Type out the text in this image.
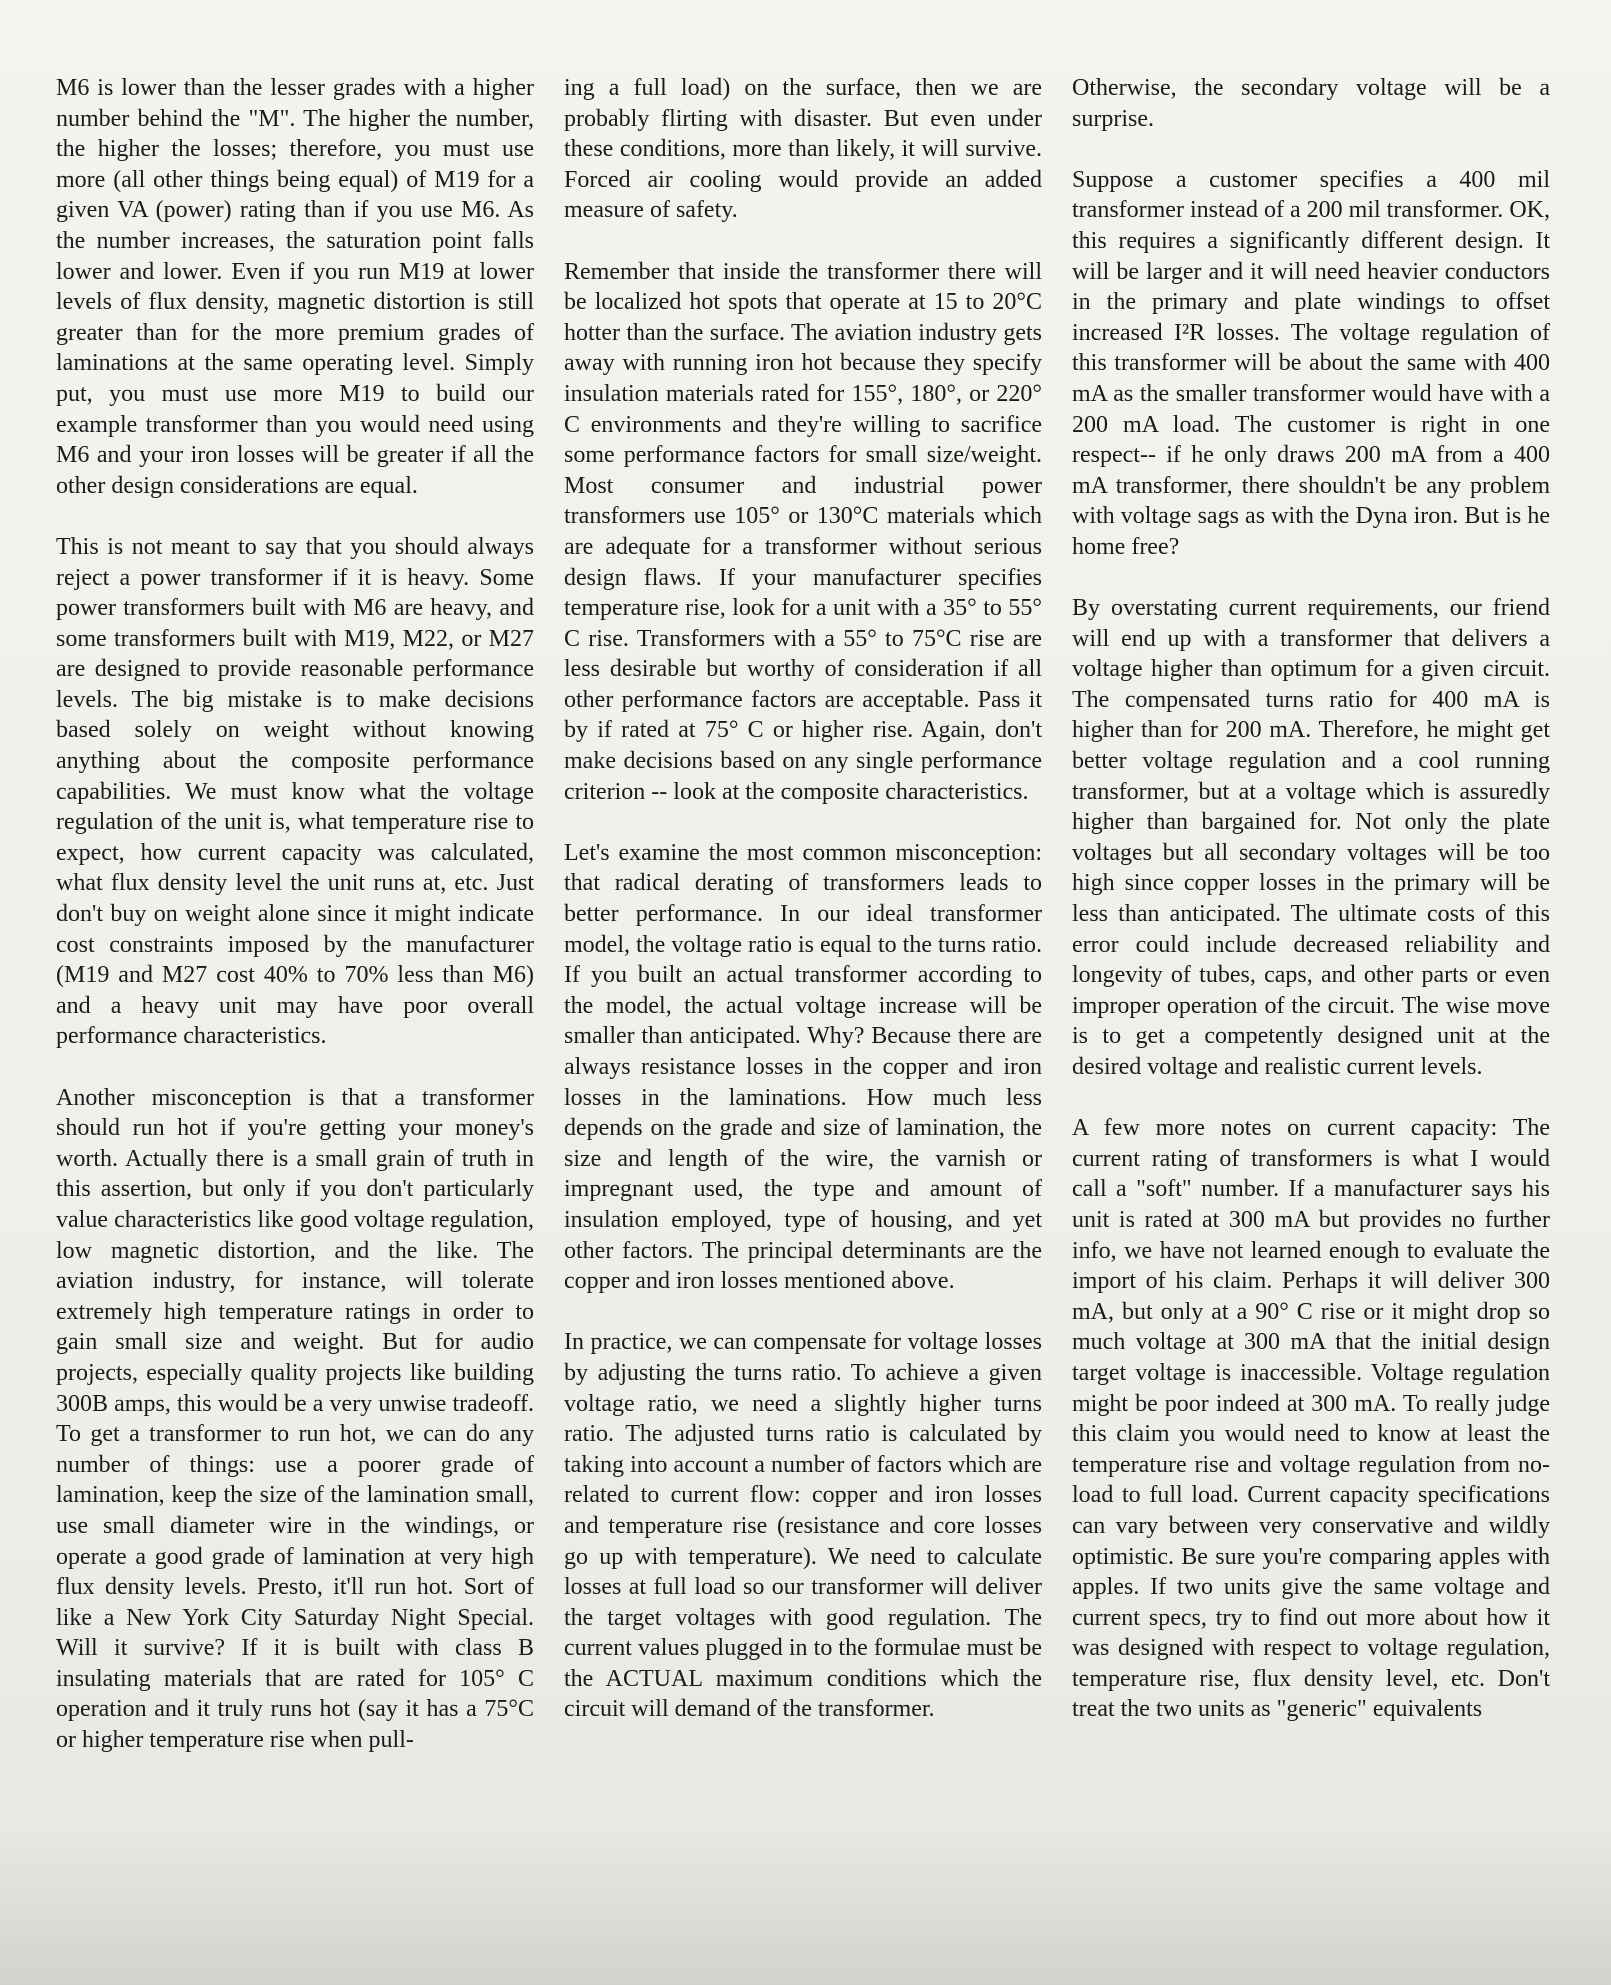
M6 is lower than the lesser grades with a higher number behind the "M". The higher the number, the higher the losses; therefore, you must use more (all other things being equal) of M19 for a given VA (power) rating than if you use M6. As the number increases, the saturation point falls lower and lower. Even if you run M19 at lower levels of flux density, magnetic distortion is still greater than for the more premium grades of laminations at the same operating level. Simply put, you must use more M19 to build our example transformer than you would need using M6 and your iron losses will be greater if all the other design considerations are equal.

This is not meant to say that you should always reject a power transformer if it is heavy. Some power transformers built with M6 are heavy, and some transformers built with M19, M22, or M27 are designed to provide reasonable performance levels. The big mistake is to make decisions based solely on weight without knowing anything about the composite performance capabilities. We must know what the voltage regulation of the unit is, what temperature rise to expect, how current capacity was calculated, what flux density level the unit runs at, etc. Just don't buy on weight alone since it might indicate cost constraints imposed by the manufacturer (M19 and M27 cost 40% to 70% less than M6) and a heavy unit may have poor overall performance characteristics.

Another misconception is that a transformer should run hot if you're getting your money's worth. Actually there is a small grain of truth in this assertion, but only if you don't particularly value characteristics like good voltage regulation, low magnetic distortion, and the like. The aviation industry, for instance, will tolerate extremely high temperature ratings in order to gain small size and weight. But for audio projects, especially quality projects like building 300B amps, this would be a very unwise tradeoff. To get a transformer to run hot, we can do any number of things: use a poorer grade of lamination, keep the size of the lamination small, use small diameter wire in the windings, or operate a good grade of lamination at very high flux density levels. Presto, it'll run hot. Sort of like a New York City Saturday Night Special. Will it survive? If it is built with class B insulating materials that are rated for 105° C operation and it truly runs hot (say it has a 75°C or higher temperature rise when pull-

ing a full load) on the surface, then we are probably flirting with disaster. But even under these conditions, more than likely, it will survive. Forced air cooling would provide an added measure of safety.

Remember that inside the transformer there will be localized hot spots that operate at 15 to 20°C hotter than the surface. The aviation industry gets away with running iron hot because they specify insulation materials rated for 155°, 180°, or 220° C environments and they're willing to sacrifice some performance factors for small size/weight. Most consumer and industrial power transformers use 105° or 130°C materials which are adequate for a transformer without serious design flaws. If your manufacturer specifies temperature rise, look for a unit with a 35° to 55° C rise. Transformers with a 55° to 75°C rise are less desirable but worthy of consideration if all other performance factors are acceptable. Pass it by if rated at 75° C or higher rise. Again, don't make decisions based on any single performance criterion -- look at the composite characteristics.

Let's examine the most common misconception: that radical derating of transformers leads to better performance. In our ideal transformer model, the voltage ratio is equal to the turns ratio. If you built an actual transformer according to the model, the actual voltage increase will be smaller than anticipated. Why? Because there are always resistance losses in the copper and iron losses in the laminations. How much less depends on the grade and size of lamination, the size and length of the wire, the varnish or impregnant used, the type and amount of insulation employed, type of housing, and yet other factors. The principal determinants are the copper and iron losses mentioned above.

In practice, we can compensate for voltage losses by adjusting the turns ratio. To achieve a given voltage ratio, we need a slightly higher turns ratio. The adjusted turns ratio is calculated by taking into account a number of factors which are related to current flow: copper and iron losses and temperature rise (resistance and core losses go up with temperature). We need to calculate losses at full load so our transformer will deliver the target voltages with good regulation. The current values plugged in to the formulae must be the ACTUAL maximum conditions which the circuit will demand of the transformer.

Otherwise, the secondary voltage will be a surprise.

Suppose a customer specifies a 400 mil transformer instead of a 200 mil transformer. OK, this requires a significantly different design. It will be larger and it will need heavier conductors in the primary and plate windings to offset increased I²R losses. The voltage regulation of this transformer will be about the same with 400 mA as the smaller transformer would have with a 200 mA load. The customer is right in one respect-- if he only draws 200 mA from a 400 mA transformer, there shouldn't be any problem with voltage sags as with the Dyna iron. But is he home free?

By overstating current requirements, our friend will end up with a transformer that delivers a voltage higher than optimum for a given circuit. The compensated turns ratio for 400 mA is higher than for 200 mA. Therefore, he might get better voltage regulation and a cool running transformer, but at a voltage which is assuredly higher than bargained for. Not only the plate voltages but all secondary voltages will be too high since copper losses in the primary will be less than anticipated. The ultimate costs of this error could include decreased reliability and longevity of tubes, caps, and other parts or even improper operation of the circuit. The wise move is to get a competently designed unit at the desired voltage and realistic current levels.

A few more notes on current capacity: The current rating of transformers is what I would call a "soft" number. If a manufacturer says his unit is rated at 300 mA but provides no further info, we have not learned enough to evaluate the import of his claim. Perhaps it will deliver 300 mA, but only at a 90° C rise or it might drop so much voltage at 300 mA that the initial design target voltage is inaccessible. Voltage regulation might be poor indeed at 300 mA. To really judge this claim you would need to know at least the temperature rise and voltage regulation from no-load to full load. Current capacity specifications can vary between very conservative and wildly optimistic. Be sure you're comparing apples with apples. If two units give the same voltage and current specs, try to find out more about how it was designed with respect to voltage regulation, temperature rise, flux density level, etc. Don't treat the two units as "generic" equivalents
